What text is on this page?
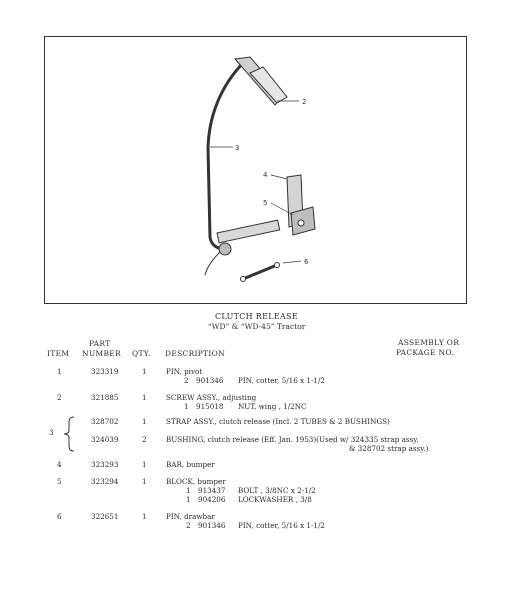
2
3
4
5
6
CLUTCH RELEASE
“WD” & “WD-45” Tractor
ITEM
PART
NUMBER QTY. DESCRIPTION
ASSEMBLY OR
PACKAGE NO.
1	323319	1	PIN, pivot
2 901346 PIN, cotter, 5/16 x 1-1/2
2	321885	1	SCREW ASSY., adjusting
1 915018 NUT, wing , 1/2NC
3
328702	1	STRAP ASSY., clutch release (Incl. 2 TUBES & 2 BUSHINGS)
324039	2	BUSHING, clutch release (Eff. Jan. 1953)(Used w/ 324335 strap assy.
& 328702 strap assy.)
4	323293	1	BAR, bumper
5	323294	1	BLOCK, bumper
1 913437 BOLT , 3/8NC x 2-1/2
1 904206 LOCKWASHER , 3/8
6	322651	1	PIN, drawbar
2 901346 PIN, cotter, 5/16 x 1-1/2
